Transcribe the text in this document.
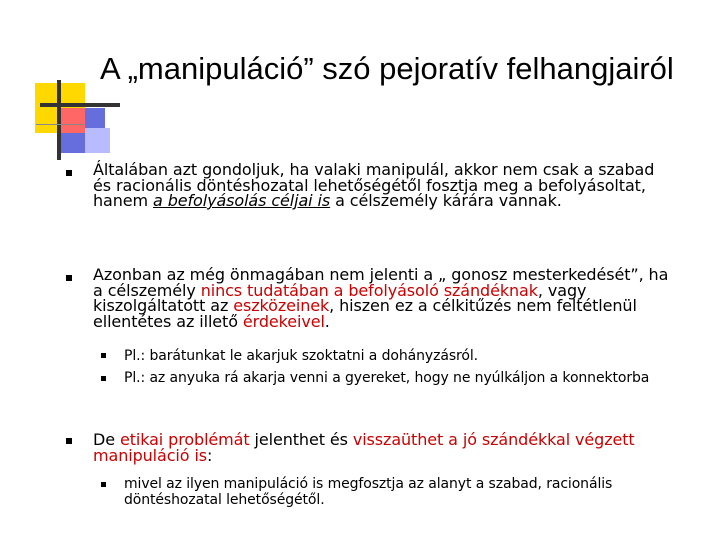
A „manipuláció” szó pejoratív felhangjairól
Általában azt gondoljuk, ha valaki manipulál, akkor nem csak a szabad és racionális döntéshozatal lehetőségétől fosztja meg a befolyásoltat, hanem a befolyásolás céljai is a célszemély kárára vannak.
Azonban az még önmagában nem jelenti a „ gonosz mesterkedését”, ha a célszemély nincs tudatában a befolyásoló szándéknak, vagy kiszolgáltatott az eszközeinek, hiszen ez a célkitűzés nem feltétlenül ellentétes az illető érdekeivel.
Pl.: barátunkat le akarjuk szoktatni a dohányzásról.
Pl.: az anyuka rá akarja venni a gyereket, hogy ne nyúlkáljon a konnektorba
De etikai problémát jelenthet és visszaüthet a jó szándékkal végzett manipuláció is:
mivel az ilyen manipuláció is megfosztja az alanyt a szabad, racionális döntéshozatal lehetőségétől.
